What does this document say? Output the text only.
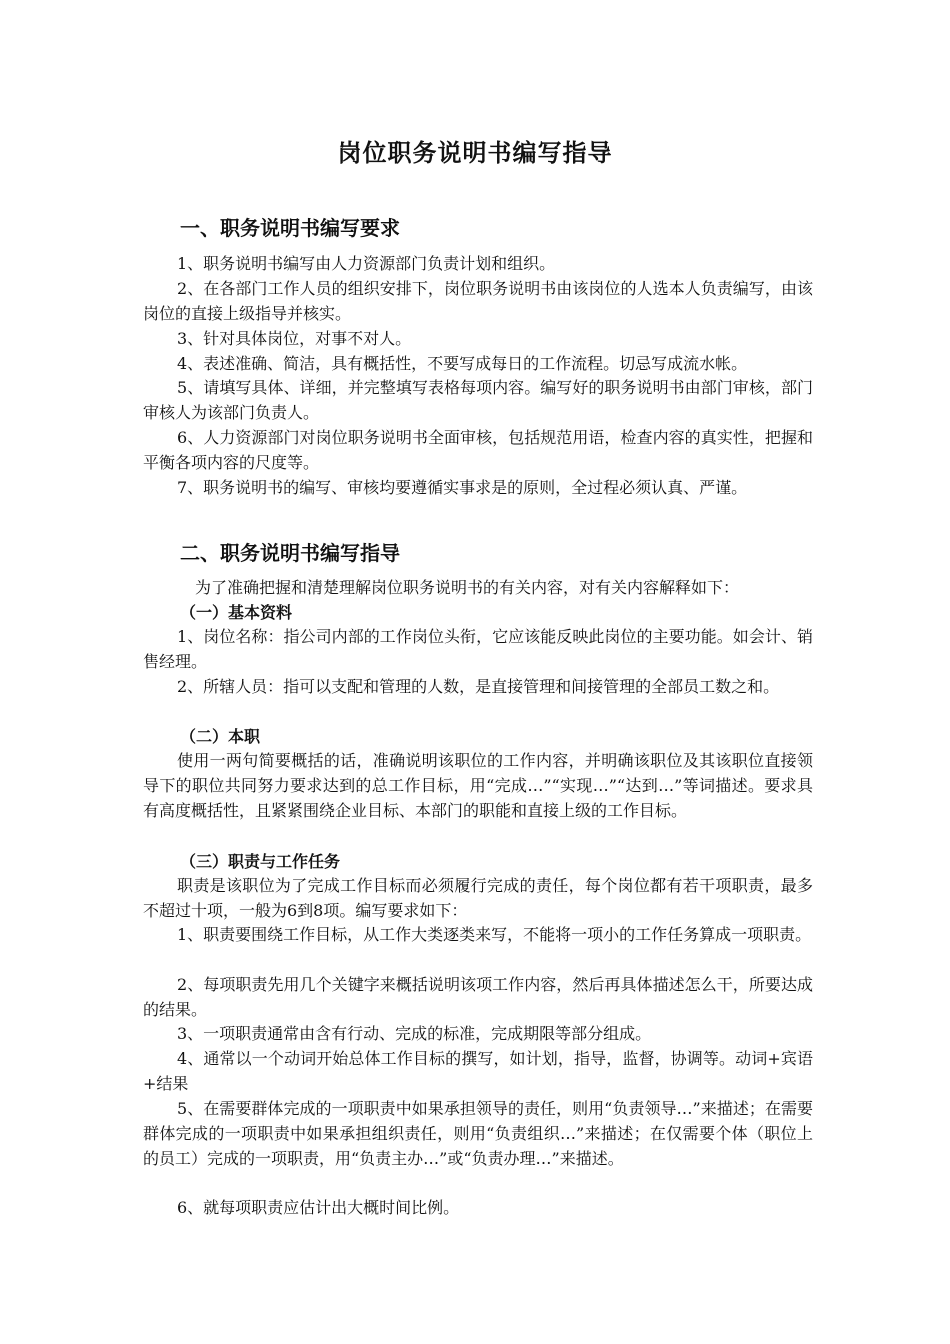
岗位职务说明书编写指导
一、职务说明书编写要求
1、职务说明书编写由人力资源部门负责计划和组织。
2、在各部门工作人员的组织安排下，岗位职务说明书由该岗位的人选本人负责编写，由该岗位的直接上级指导并核实。
3、针对具体岗位，对事不对人。
4、表述准确、简洁，具有概括性，不要写成每日的工作流程。切忌写成流水帐。
5、请填写具体、详细，并完整填写表格每项内容。编写好的职务说明书由部门审核，部门审核人为该部门负责人。
6、人力资源部门对岗位职务说明书全面审核，包括规范用语，检查内容的真实性，把握和平衡各项内容的尺度等。
7、职务说明书的编写、审核均要遵循实事求是的原则，全过程必须认真、严谨。
二、职务说明书编写指导
为了准确把握和清楚理解岗位职务说明书的有关内容，对有关内容解释如下：
（一）基本资料
1、岗位名称：指公司内部的工作岗位头衔，它应该能反映此岗位的主要功能。如会计、销售经理。
2、所辖人员：指可以支配和管理的人数，是直接管理和间接管理的全部员工数之和。
（二）本职
使用一两句简要概括的话，准确说明该职位的工作内容，并明确该职位及其该职位直接领导下的职位共同努力要求达到的总工作目标，用“完成…”“实现…”“达到…”等词描述。要求具有高度概括性，且紧紧围绕企业目标、本部门的职能和直接上级的工作目标。
（三）职责与工作任务
职责是该职位为了完成工作目标而必须履行完成的责任，每个岗位都有若干项职责，最多不超过十项，一般为6到8项。编写要求如下：
1、职责要围绕工作目标，从工作大类逐类来写，不能将一项小的工作任务算成一项职责。
2、每项职责先用几个关键字来概括说明该项工作内容，然后再具体描述怎么干，所要达成的结果。
3、一项职责通常由含有行动、完成的标准，完成期限等部分组成。
4、通常以一个动词开始总体工作目标的撰写，如计划，指导，监督，协调等。动词+宾语+结果
5、在需要群体完成的一项职责中如果承担领导的责任，则用“负责领导…”来描述；在需要群体完成的一项职责中如果承担组织责任，则用“负责组织…”来描述；在仅需要个体（职位上的员工）完成的一项职责，用“负责主办…”或“负责办理…”来描述。
6、就每项职责应估计出大概时间比例。
